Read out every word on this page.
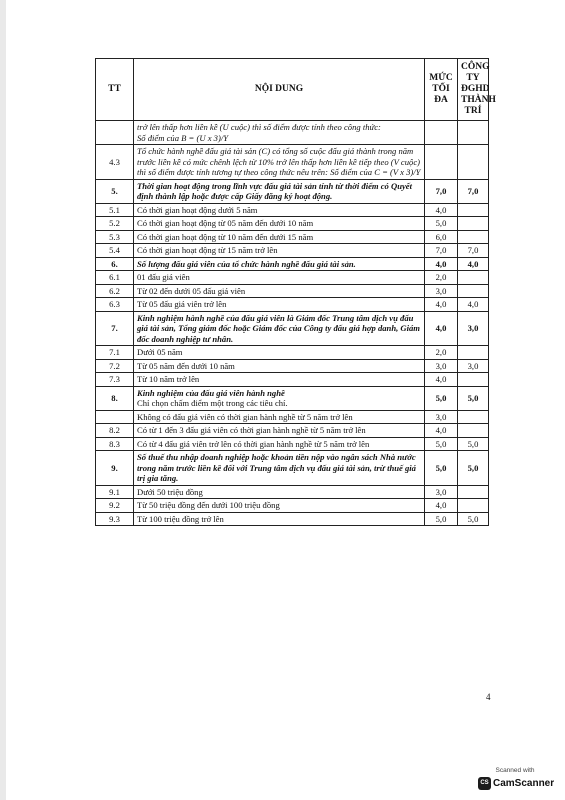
TT	NỘI DUNG	MỨC TỐI ĐA	CÔNG TY ĐGHD THÀNH TRÍ
	trở lên thấp hơn liền kề (U cuộc) thì số điểm được tính theo công thức:
Số điểm của B = (U x 3)/Y		
4.3	Tổ chức hành nghề đấu giá tài sản (C) có tổng số cuộc đấu giá thành trong năm trước liền kề có mức chênh lệch từ 10% trở lên thấp hơn liền kề tiếp theo (V cuộc) thì số điểm được tính tương tự theo công thức nêu trên: Số điểm của C = (V x 3)/Y		
5.	Thời gian hoạt động trong lĩnh vực đấu giá tài sản tính từ thời điểm có Quyết định thành lập hoặc được cấp Giấy đăng ký hoạt động.	7,0	7,0
5.1	Có thời gian hoạt động dưới 5 năm	4,0	
5.2	Có thời gian hoạt động từ 05 năm đến dưới 10 năm	5,0	
5.3	Có thời gian hoạt động từ 10 năm đến dưới 15 năm	6,0	
5.4	Có thời gian hoạt động từ 15 năm trở lên	7,0	7,0
6.	Số lượng đấu giá viên của tổ chức hành nghề đấu giá tài sản.	4,0	4,0
6.1	01 đấu giá viên	2,0	
6.2	Từ 02 đến dưới 05 đấu giá viên	3,0	
6.3	Từ 05 đấu giá viên trở lên	4,0	4,0
7.	Kinh nghiệm hành nghề của đấu giá viên là Giám đốc Trung tâm dịch vụ đấu giá tài sản, Tổng giám đốc hoặc Giám đốc của Công ty đấu giá hợp danh, Giám đốc doanh nghiệp tư nhân.	4,0	3,0
7.1	Dưới 05 năm	2,0	
7.2	Từ 05 năm đến dưới 10 năm	3,0	3,0
7.3	Từ 10 năm trở lên	4,0	
8.	Kinh nghiệm của đấu giá viên hành nghề
Chỉ chọn chấm điểm một trong các tiêu chí.	5,0	5,0
	Không có đấu giá viên có thời gian hành nghề từ 5 năm trở lên	3,0	
8.2	Có từ 1 đến 3 đấu giá viên có thời gian hành nghề từ 5 năm trở lên	4,0	
8.3	Có từ 4 đấu giá viên trở lên có thời gian hành nghề từ 5 năm trở lên	5,0	5,0
9.	Số thuế thu nhập doanh nghiệp hoặc khoản tiền nộp vào ngân sách Nhà nước trong năm trước liền kề đối với Trung tâm dịch vụ đấu giá tài sản, trừ thuế giá trị gia tăng.	5,0	5,0
9.1	Dưới 50 triệu đồng	3,0	
9.2	Từ 50 triệu đồng đến dưới 100 triệu đồng	4,0	
9.3	Từ 100 triệu đồng trở lên	5,0	5,0
4
Scanned with
CS CamScanner
